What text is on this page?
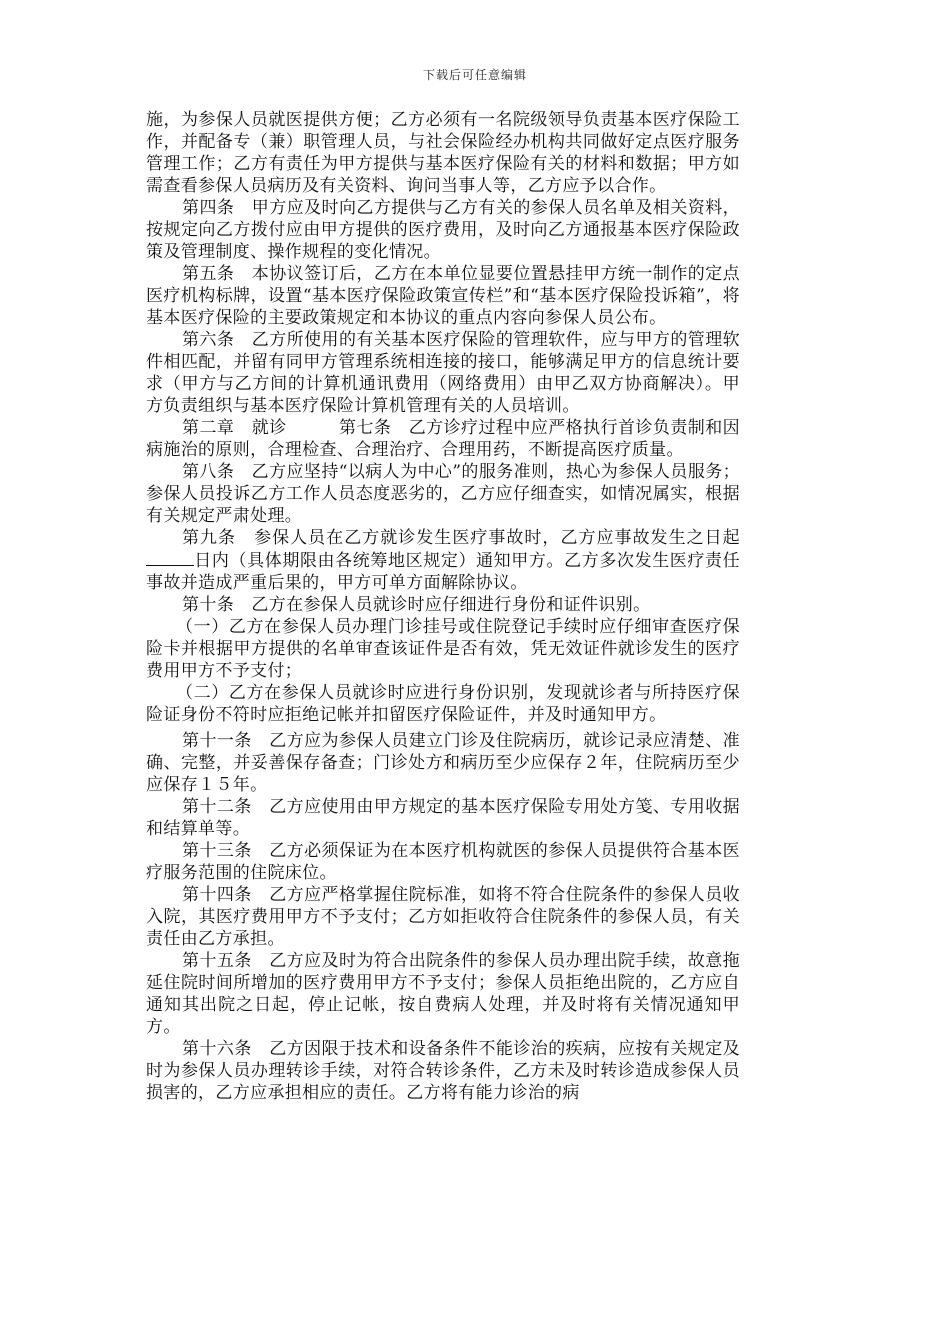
下载后可任意编辑

施，为参保人员就医提供方便；乙方必须有一名院级领导负责基本医疗保险工作，并配备专（兼）职管理人员，与社会保险经办机构共同做好定点医疗服务管理工作；乙方有责任为甲方提供与基本医疗保险有关的材料和数据；甲方如需查看参保人员病历及有关资料、询问当事人等，乙方应予以合作。

第四条　甲方应及时向乙方提供与乙方有关的参保人员名单及相关资料，按规定向乙方拨付应由甲方提供的医疗费用，及时向乙方通报基本医疗保险政策及管理制度、操作规程的变化情况。

第五条　本协议签订后，乙方在本单位显要位置悬挂甲方统一制作的定点医疗机构标牌，设置“基本医疗保险政策宣传栏”和“基本医疗保险投诉箱”，将基本医疗保险的主要政策规定和本协议的重点内容向参保人员公布。

第六条　乙方所使用的有关基本医疗保险的管理软件，应与甲方的管理软件相匹配，并留有同甲方管理系统相连接的接口，能够满足甲方的信息统计要求（甲方与乙方间的计算机通讯费用（网络费用）由甲乙双方协商解决）。甲方负责组织与基本医疗保险计算机管理有关的人员培训。

第二章　就诊　　　第七条　乙方诊疗过程中应严格执行首诊负责制和因病施治的原则，合理检查、合理治疗、合理用药，不断提高医疗质量。

第八条　乙方应坚持“以病人为中心”的服务准则，热心为参保人员服务；参保人员投诉乙方工作人员态度恶劣的，乙方应仔细查实，如情况属实，根据有关规定严肃处理。

第九条　参保人员在乙方就诊发生医疗事故时，乙方应事故发生之日起日内（具体期限由各统筹地区规定）通知甲方。乙方多次发生医疗责任事故并造成严重后果的，甲方可单方面解除协议。

第十条　乙方在参保人员就诊时应仔细进行身份和证件识别。

（一）乙方在参保人员办理门诊挂号或住院登记手续时应仔细审查医疗保险卡并根据甲方提供的名单审查该证件是否有效，凭无效证件就诊发生的医疗费用甲方不予支付；

（二）乙方在参保人员就诊时应进行身份识别，发现就诊者与所持医疗保险证身份不符时应拒绝记帐并扣留医疗保险证件，并及时通知甲方。

第十一条　乙方应为参保人员建立门诊及住院病历，就诊记录应清楚、准确、完整，并妥善保存备查；门诊处方和病历至少应保存２年，住院病历至少应保存１５年。

第十二条　乙方应使用由甲方规定的基本医疗保险专用处方笺、专用收据和结算单等。

第十三条　乙方必须保证为在本医疗机构就医的参保人员提供符合基本医疗服务范围的住院床位。

第十四条　乙方应严格掌握住院标准，如将不符合住院条件的参保人员收入院，其医疗费用甲方不予支付；乙方如拒收符合住院条件的参保人员，有关责任由乙方承担。

第十五条　乙方应及时为符合出院条件的参保人员办理出院手续，故意拖延住院时间所增加的医疗费用甲方不予支付；参保人员拒绝出院的，乙方应自通知其出院之日起，停止记帐，按自费病人处理，并及时将有关情况通知甲方。

第十六条　乙方因限于技术和设备条件不能诊治的疾病，应按有关规定及时为参保人员办理转诊手续，对符合转诊条件，乙方未及时转诊造成参保人员损害的，乙方应承担相应的责任。乙方将有能力诊治的病
